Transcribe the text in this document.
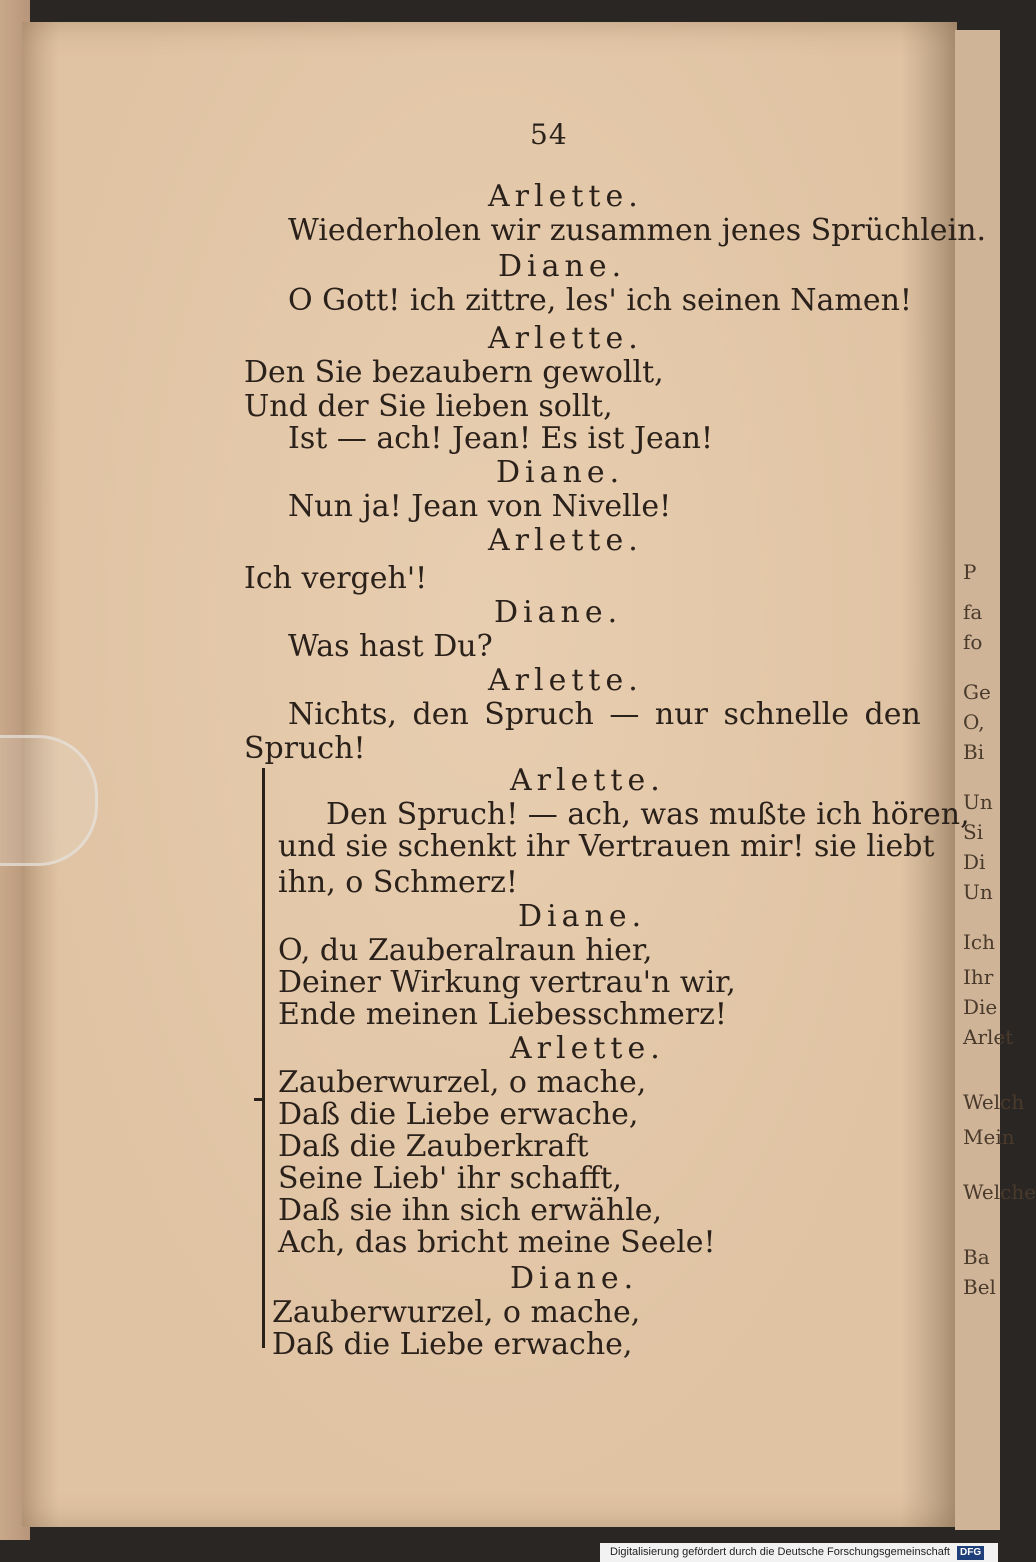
P
fa
fo
Ge
O,
Bi
Un
Si
Di
Un
Ich
Ihr
Die
Arlet
Welch
Mein
Welche
Ba
Bel
54
Arlette.
Wiederholen wir zusammen jenes Sprüchlein.
Diane.
O Gott! ich zittre, les' ich seinen Namen!
Arlette.
Den Sie bezaubern gewollt,
Und der Sie lieben sollt,
Ist — ach! Jean! Es ist Jean!
Diane.
Nun ja! Jean von Nivelle!
Arlette.
Ich vergeh'!
Diane.
Was hast Du?
Arlette.
Nichts, den Spruch — nur schnelle den
Spruch!
Arlette.
Den Spruch! — ach, was mußte ich hören,
und sie schenkt ihr Vertrauen mir! sie liebt
ihn, o Schmerz!
Diane.
O, du Zauberalraun hier,
Deiner Wirkung vertrau'n wir,
Ende meinen Liebesschmerz!
Arlette.
Zauberwurzel, o mache,
Daß die Liebe erwache,
Daß die Zauberkraft
Seine Lieb' ihr schafft,
Daß sie ihn sich erwähle,
Ach, das bricht meine Seele!
Diane.
Zauberwurzel, o mache,
Daß die Liebe erwache,
Digitalisierung gefördert durch die Deutsche Forschungsgemeinschaft DFG
